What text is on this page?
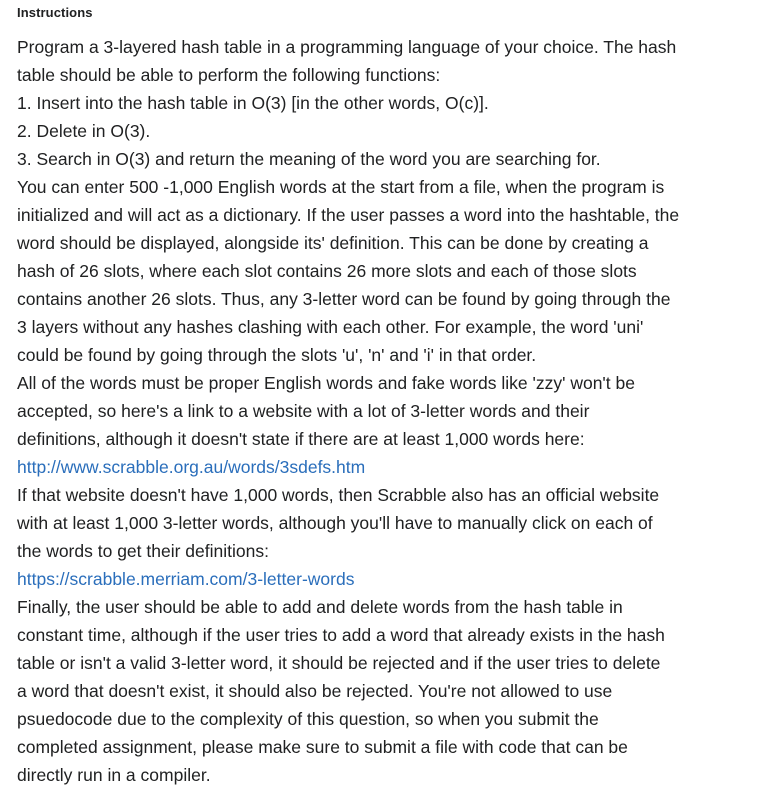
Instructions
Program a 3-layered hash table in a programming language of your choice. The hash
table should be able to perform the following functions:
1. Insert into the hash table in O(3) [in the other words, O(c)].
2. Delete in O(3).
3. Search in O(3) and return the meaning of the word you are searching for.
You can enter 500 -1,000 English words at the start from a file, when the program is
initialized and will act as a dictionary. If the user passes a word into the hashtable, the
word should be displayed, alongside its' definition. This can be done by creating a
hash of 26 slots, where each slot contains 26 more slots and each of those slots
contains another 26 slots. Thus, any 3-letter word can be found by going through the
3 layers without any hashes clashing with each other. For example, the word 'uni'
could be found by going through the slots 'u', 'n' and 'i' in that order.
All of the words must be proper English words and fake words like 'zzy' won't be
accepted, so here's a link to a website with a lot of 3-letter words and their
definitions, although it doesn't state if there are at least 1,000 words here:
http://www.scrabble.org.au/words/3sdefs.htm
If that website doesn't have 1,000 words, then Scrabble also has an official website
with at least 1,000 3-letter words, although you'll have to manually click on each of
the words to get their definitions:
https://scrabble.merriam.com/3-letter-words
Finally, the user should be able to add and delete words from the hash table in
constant time, although if the user tries to add a word that already exists in the hash
table or isn't a valid 3-letter word, it should be rejected and if the user tries to delete
a word that doesn't exist, it should also be rejected. You're not allowed to use
psuedocode due to the complexity of this question, so when you submit the
completed assignment, please make sure to submit a file with code that can be
directly run in a compiler.
